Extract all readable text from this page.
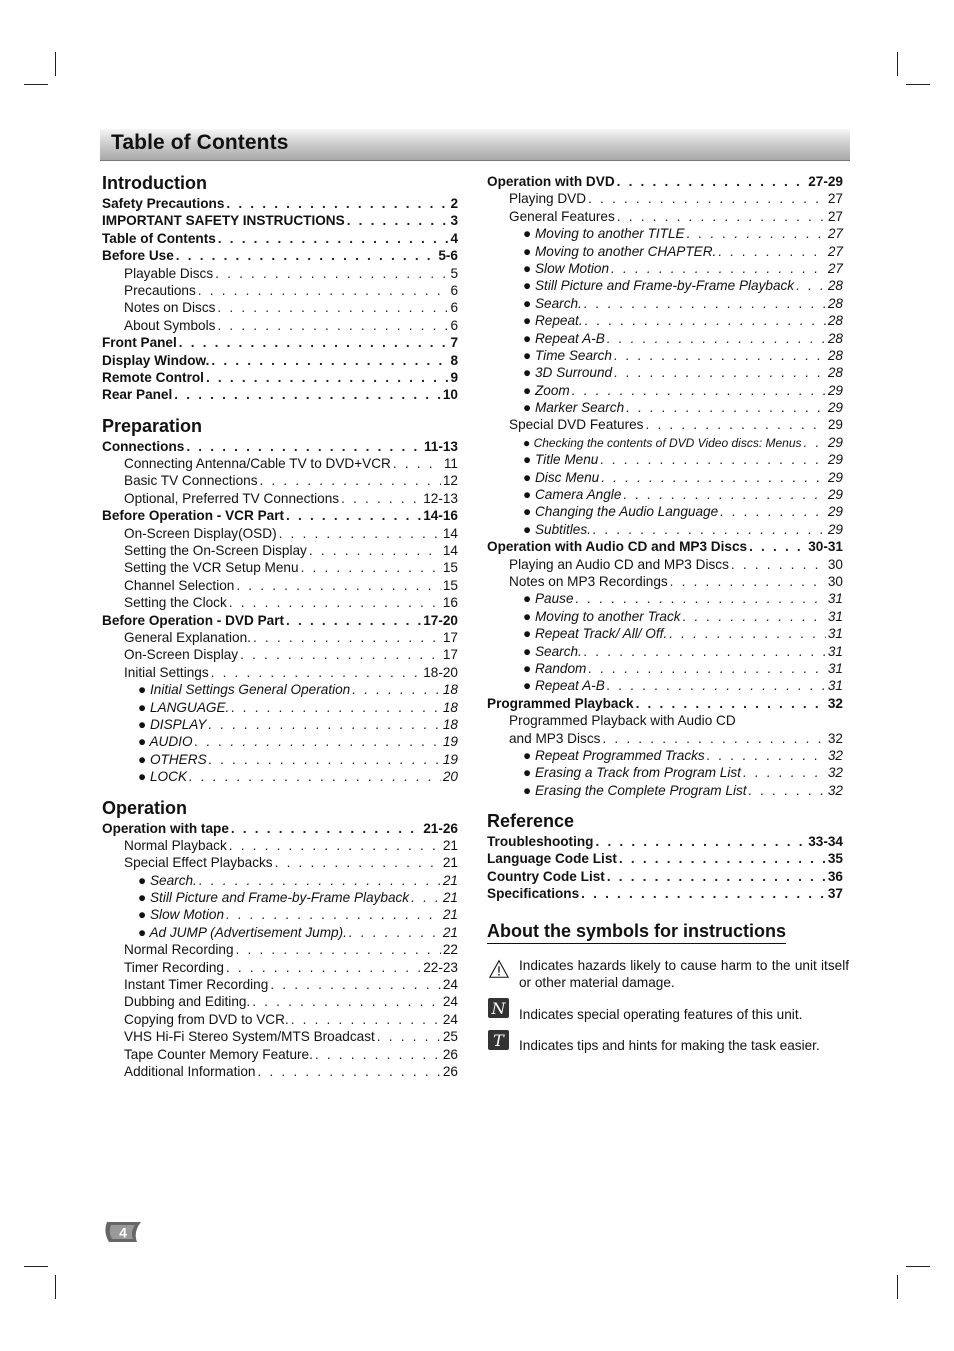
Table of Contents
Introduction
Safety Precautions . . .	2
IMPORTANT SAFETY INSTRUCTIONS . . .	3
Table of Contents . . .	4
Before Use . . .	5-6
Playable Discs . . .	5
Precautions . . .	6
Notes on Discs . . .	6
About Symbols . . .	6
Front Panel . . .	7
Display Window. . . .	8
Remote Control . . .	9
Rear Panel . . .	10
Preparation
Connections . . .	11-13
Connecting Antenna/Cable TV to DVD+VCR . . .	11
Basic TV Connections . . .	12
Optional, Preferred TV Connections . . .	12-13
Before Operation - VCR Part . . .	14-16
On-Screen Display(OSD) . . .	14
Setting the On-Screen Display . . .	14
Setting the VCR Setup Menu . . .	15
Channel Selection . . .	15
Setting the Clock . . .	16
Before Operation - DVD Part . . .	17-20
General Explanation. . . .	17
On-Screen Display . . .	17
Initial Settings . . .	18-20
● Initial Settings General Operation . . .	18
● LANGUAGE. . . .	18
● DISPLAY . . .	18
● AUDIO . . .	19
● OTHERS . . .	19
● LOCK . . .	20
Operation
Operation with tape . . .	21-26
Normal Playback . . .	21
Special Effect Playbacks . . .	21
● Search. . . .	21
● Still Picture and Frame-by-Frame Playback . . . 21
● Slow Motion . . .	21
● Ad JUMP (Advertisement Jump). . . .	21
Normal Recording . . .	22
Timer Recording . . .	22-23
Instant Timer Recording . . .	24
Dubbing and Editing. . . .	24
Copying from DVD to VCR. . . .	24
VHS Hi-Fi Stereo System/MTS Broadcast . . .	25
Tape Counter Memory Feature. . . .	26
Additional Information . . .	26
Operation with DVD . . .	27-29
Playing DVD . . .	27
General Features . . .	27
● Moving to another TITLE . . .	27
● Moving to another CHAPTER. . . .	27
● Slow Motion . . .	27
● Still Picture and Frame-by-Frame Playback . . . 28
● Search. . . .	28
● Repeat. . . .	28
● Repeat A-B . . .	28
● Time Search . . .	28
● 3D Surround . . .	28
● Zoom . . .	29
● Marker Search . . .	29
Special DVD Features . . .	29
● Checking the contents of DVD Video discs: Menus . . . 29
● Title Menu . . .	29
● Disc Menu . . .	29
● Camera Angle . . .	29
● Changing the Audio Language . . .	29
● Subtitles. . . .	29
Operation with Audio CD and MP3 Discs . . .	30-31
Playing an Audio CD and MP3 Discs . . .	30
Notes on MP3 Recordings . . .	30
● Pause . . .	31
● Moving to another Track . . .	31
● Repeat Track/ All/ Off. . . .	31
● Search. . . .	31
● Random . . .	31
● Repeat A-B . . .	31
Programmed Playback . . .	32
Programmed Playback with Audio CD
and MP3 Discs . . .	32
● Repeat Programmed Tracks . . .	32
● Erasing a Track from Program List . . .	32
● Erasing the Complete Program List . . .	32
Reference
Troubleshooting . . .	33-34
Language Code List . . .	35
Country Code List . . .	36
Specifications . . .	37
About the symbols for instructions
Indicates hazards likely to cause harm to the unit itself or other material damage.
N Indicates special operating features of this unit.
T Indicates tips and hints for making the task easier.
4
